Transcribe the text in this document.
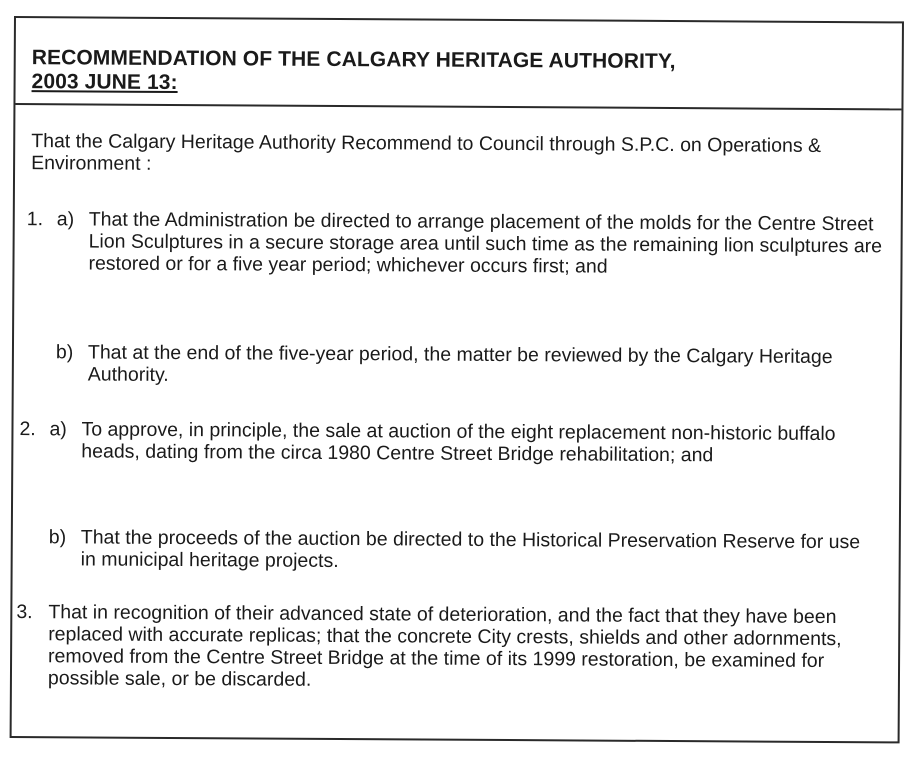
RECOMMENDATION OF THE CALGARY HERITAGE AUTHORITY,
2003 JUNE 13:

That the Calgary Heritage Authority Recommend to Council through S.P.C. on Operations & Environment :

1. a) That the Administration be directed to arrange placement of the molds for the Centre Street Lion Sculptures in a secure storage area until such time as the remaining lion sculptures are restored or for a five year period; whichever occurs first; and
b) That at the end of the five-year period, the matter be reviewed by the Calgary Heritage Authority.
2. a) To approve, in principle, the sale at auction of the eight replacement non-historic buffalo heads, dating from the circa 1980 Centre Street Bridge rehabilitation; and
b) That the proceeds of the auction be directed to the Historical Preservation Reserve for use in municipal heritage projects.
3. That in recognition of their advanced state of deterioration, and the fact that they have been replaced with accurate replicas; that the concrete City crests, shields and other adornments, removed from the Centre Street Bridge at the time of its 1999 restoration, be examined for possible sale, or be discarded.
